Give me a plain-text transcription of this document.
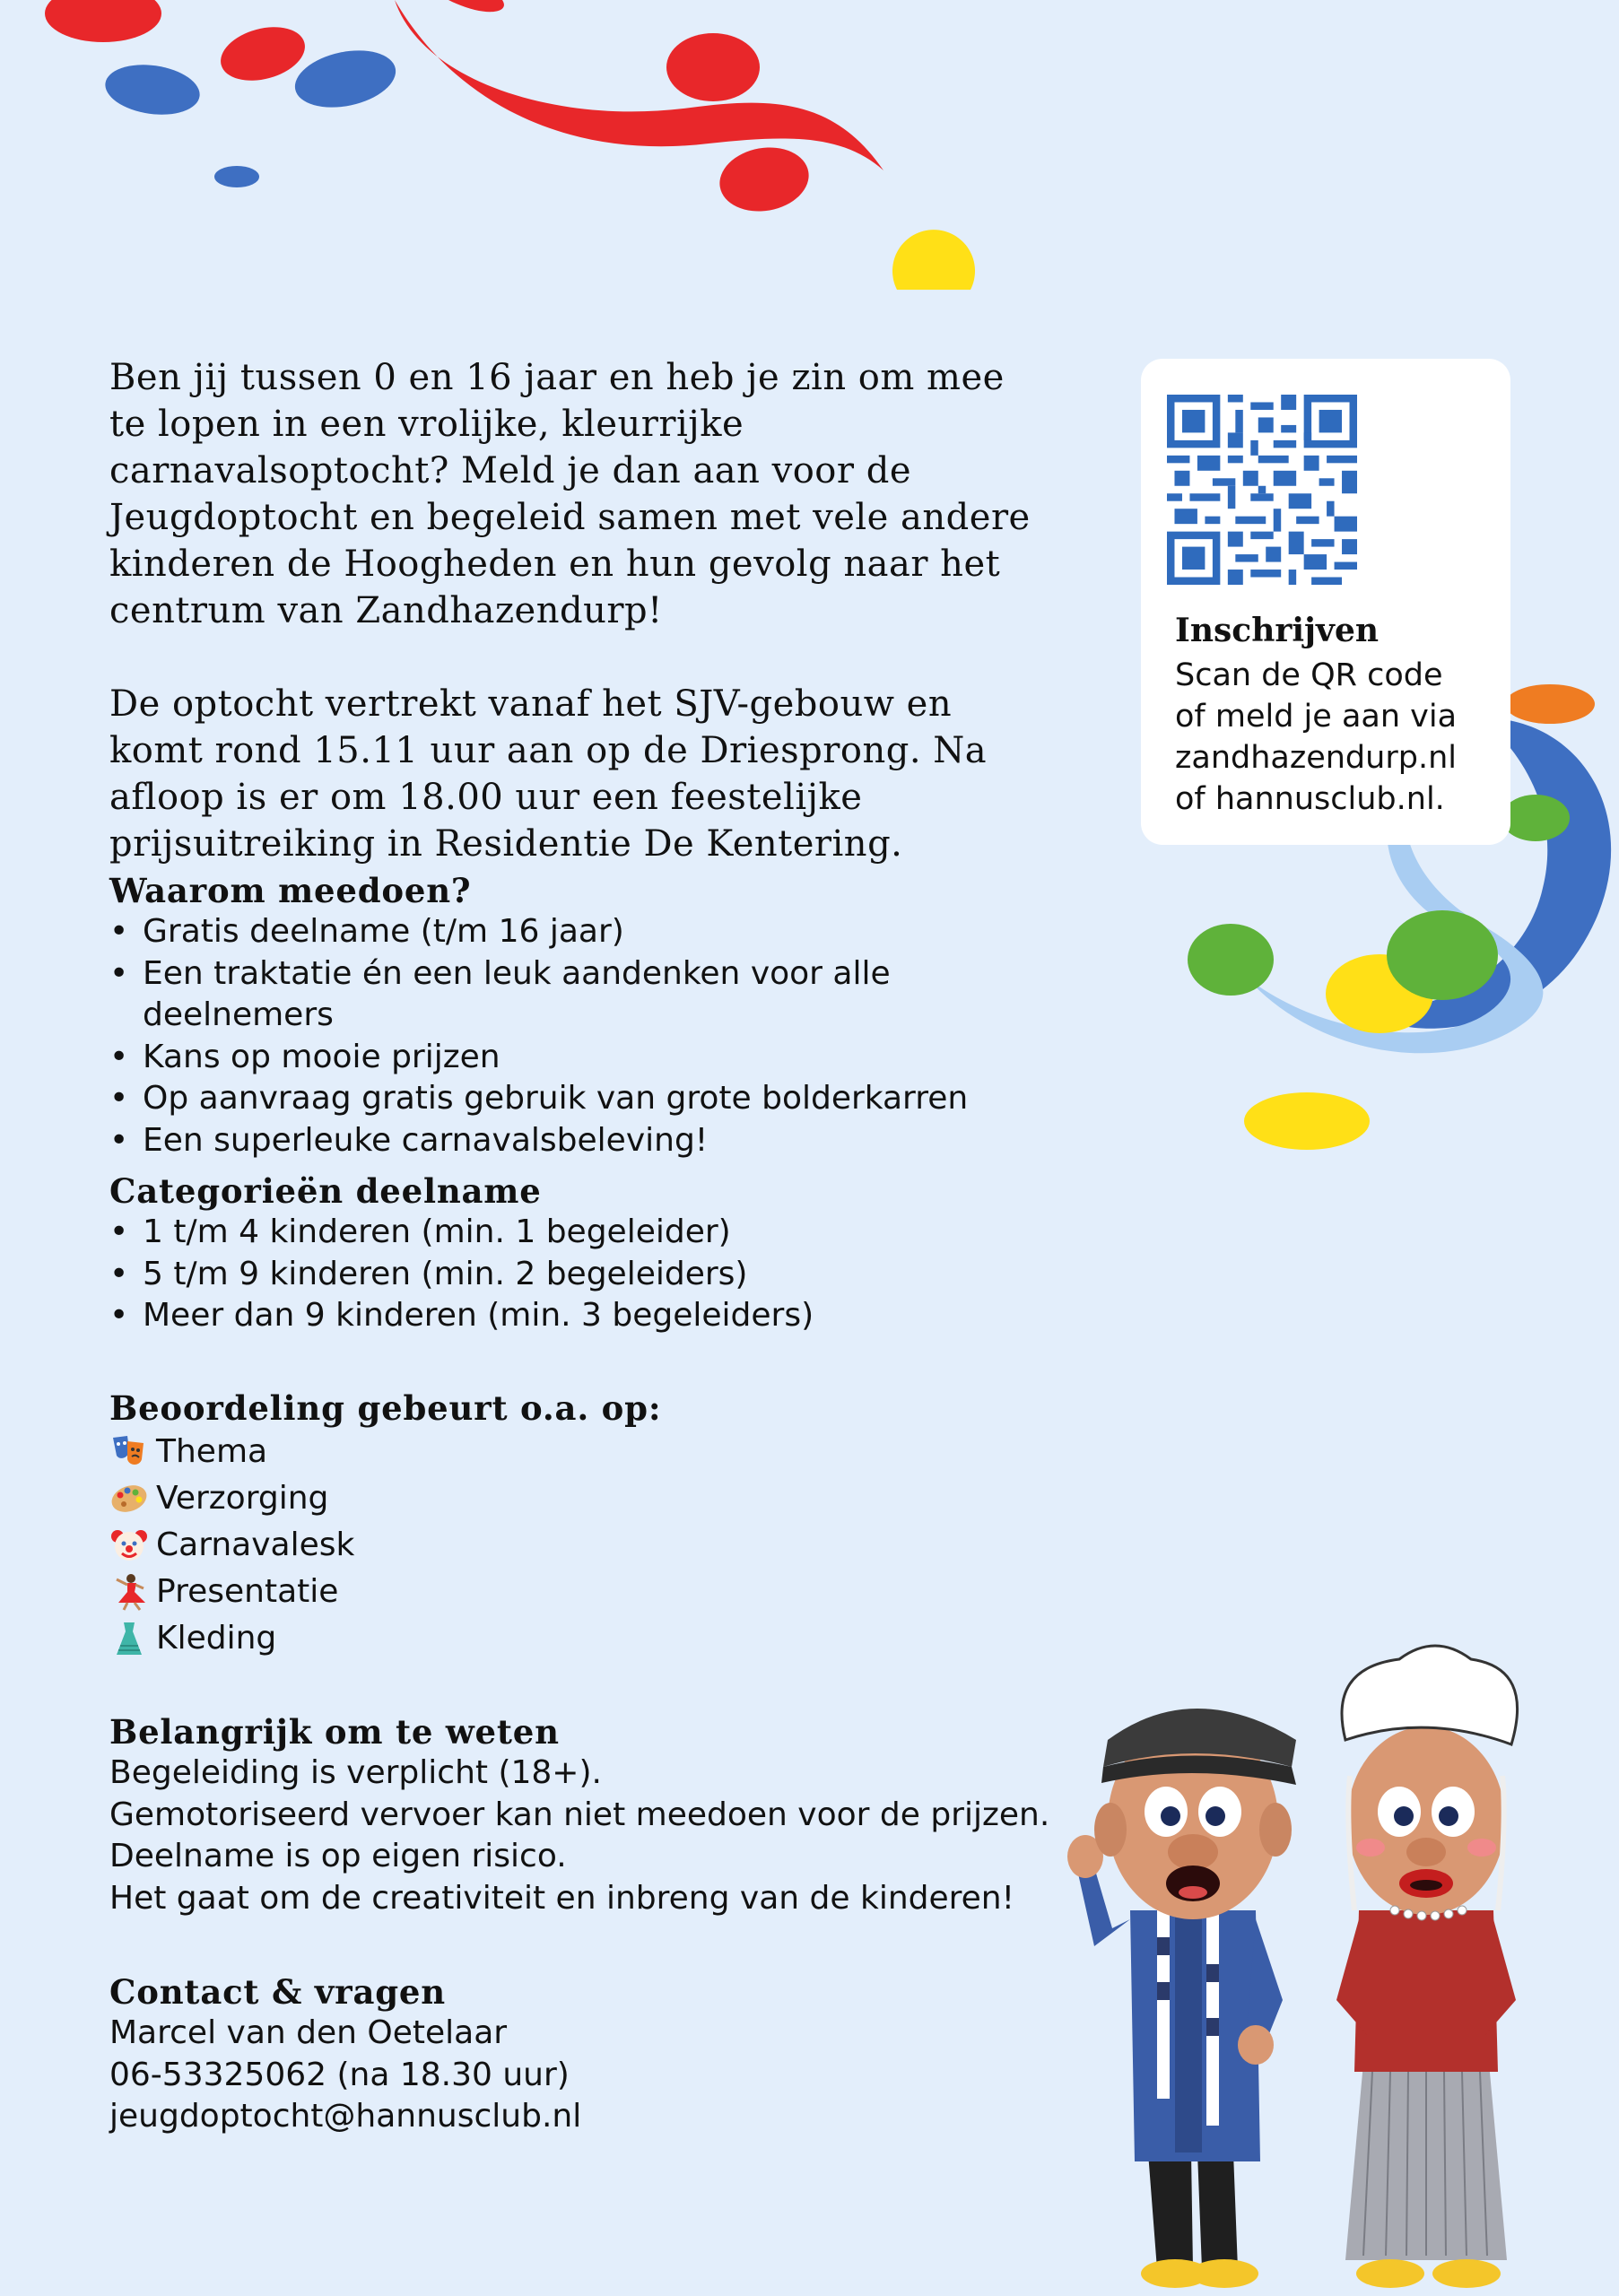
Ben jij tussen 0 en 16 jaar en heb je zin om mee te lopen in een vrolijke, kleurrijke carnavalsoptocht? Meld je dan aan voor de Jeugdoptocht en begeleid samen met vele andere kinderen de Hoogheden en hun gevolg naar het centrum van Zandhazendurp!

De optocht vertrekt vanaf het SJV-gebouw en komt rond 15.11 uur aan op de Driesprong. Na afloop is er om 18.00 uur een feestelijke prijsuitreiking in Residentie De Kentering.

Inschrijven
Scan de QR code
of meld je aan via
zandhazendurp.nl
of hannusclub.nl.
Waarom meedoen?
• Gratis deelname (t/m 16 jaar)
• Een traktatie én een leuk aandenken voor alle deelnemers
• Kans op mooie prijzen
• Op aanvraag gratis gebruik van grote bolderkarren
• Een superleuke carnavalsbeleving!
Categorieën deelname
• 1 t/m 4 kinderen (min. 1 begeleider)
• 5 t/m 9 kinderen (min. 2 begeleiders)
• Meer dan 9 kinderen (min. 3 begeleiders)
Beoordeling gebeurt o.a. op:
Thema
Verzorging
Carnavalesk
Presentatie
Kleding
Belangrijk om te weten
Begeleiding is verplicht (18+).
Gemotoriseerd vervoer kan niet meedoen voor de prijzen.
Deelname is op eigen risico.
Het gaat om de creativiteit en inbreng van de kinderen!
Contact & vragen
Marcel van den Oetelaar
06-53325062 (na 18.30 uur)
jeugdoptocht@hannusclub.nl
